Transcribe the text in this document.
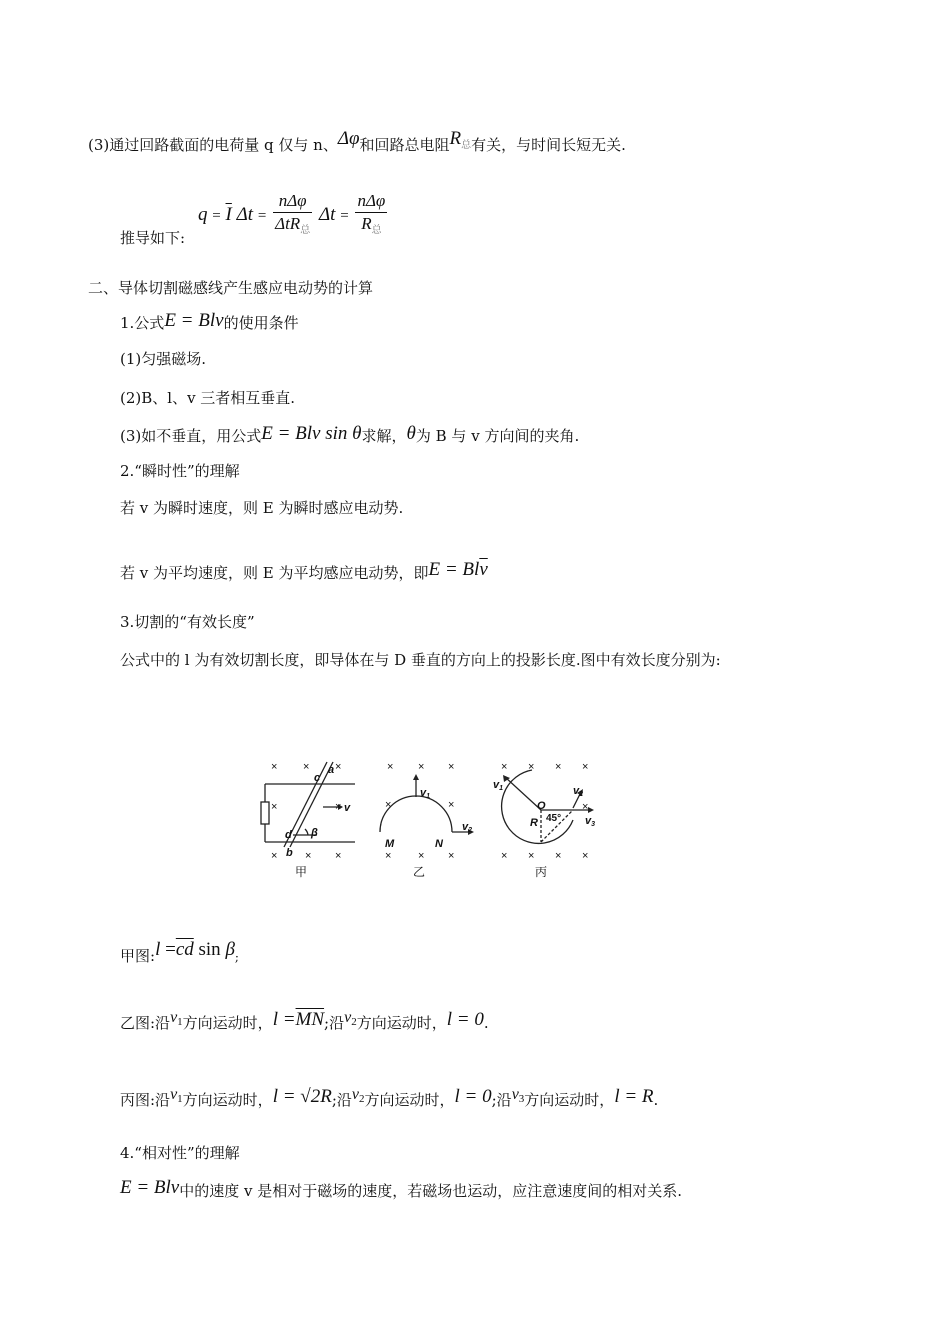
(3)通过回路截面的电荷量 q 仅与 n、Δφ和回路总电阻$R_总$有关，与时间长短无关.
$q = \overline{I}$ $\Delta t = \frac{\text{nΔφ}}{\Delta tR_总}$ $\Delta t = \frac{\text{nΔφ}}{R_总}$
推导如下:
二、导体切割磁感线产生感应电动势的计算
1.公式E = Blv的使用条件
(1)匀强磁场.
(2)B、l、v 三者相互垂直.
(3)如不垂直，用公式E = Blv sin θ求解，θ为 B 与 v 方向间的夹角.
2.“瞬时性”的理解
若 v 为瞬时速度，则 E 为瞬时感应电动势.
若 v 为平均速度，则 E 为平均感应电动势，即$E = Bl\overline{v}$
3.切割的“有效长度”
公式中的 l 为有效切割长度，即导体在与 D 垂直的方向上的投影长度.图中有效长度分别为:
× × ×
×	×
×	× ×
× × ×
×	×
× × ×
× × × ×
×
× × × ×
c
a
d
b
v
β
v1
v2
M	N
v1	v2
v3
O
R 45°
甲	乙	丙
甲图:l $=\overline{cd}$ sin β;
乙图:沿$v_1$方向运动时，$l =\overline{MN}$;沿$v_2$方向运动时，l = 0.
丙图:沿$v_1$方向运动时，l = √2R;沿$v_2$方向运动时，l = 0;沿$v_3$方向运动时，l = R.
4.“相对性”的理解
E = Blv中的速度 v 是相对于磁场的速度，若磁场也运动，应注意速度间的相对关系.
